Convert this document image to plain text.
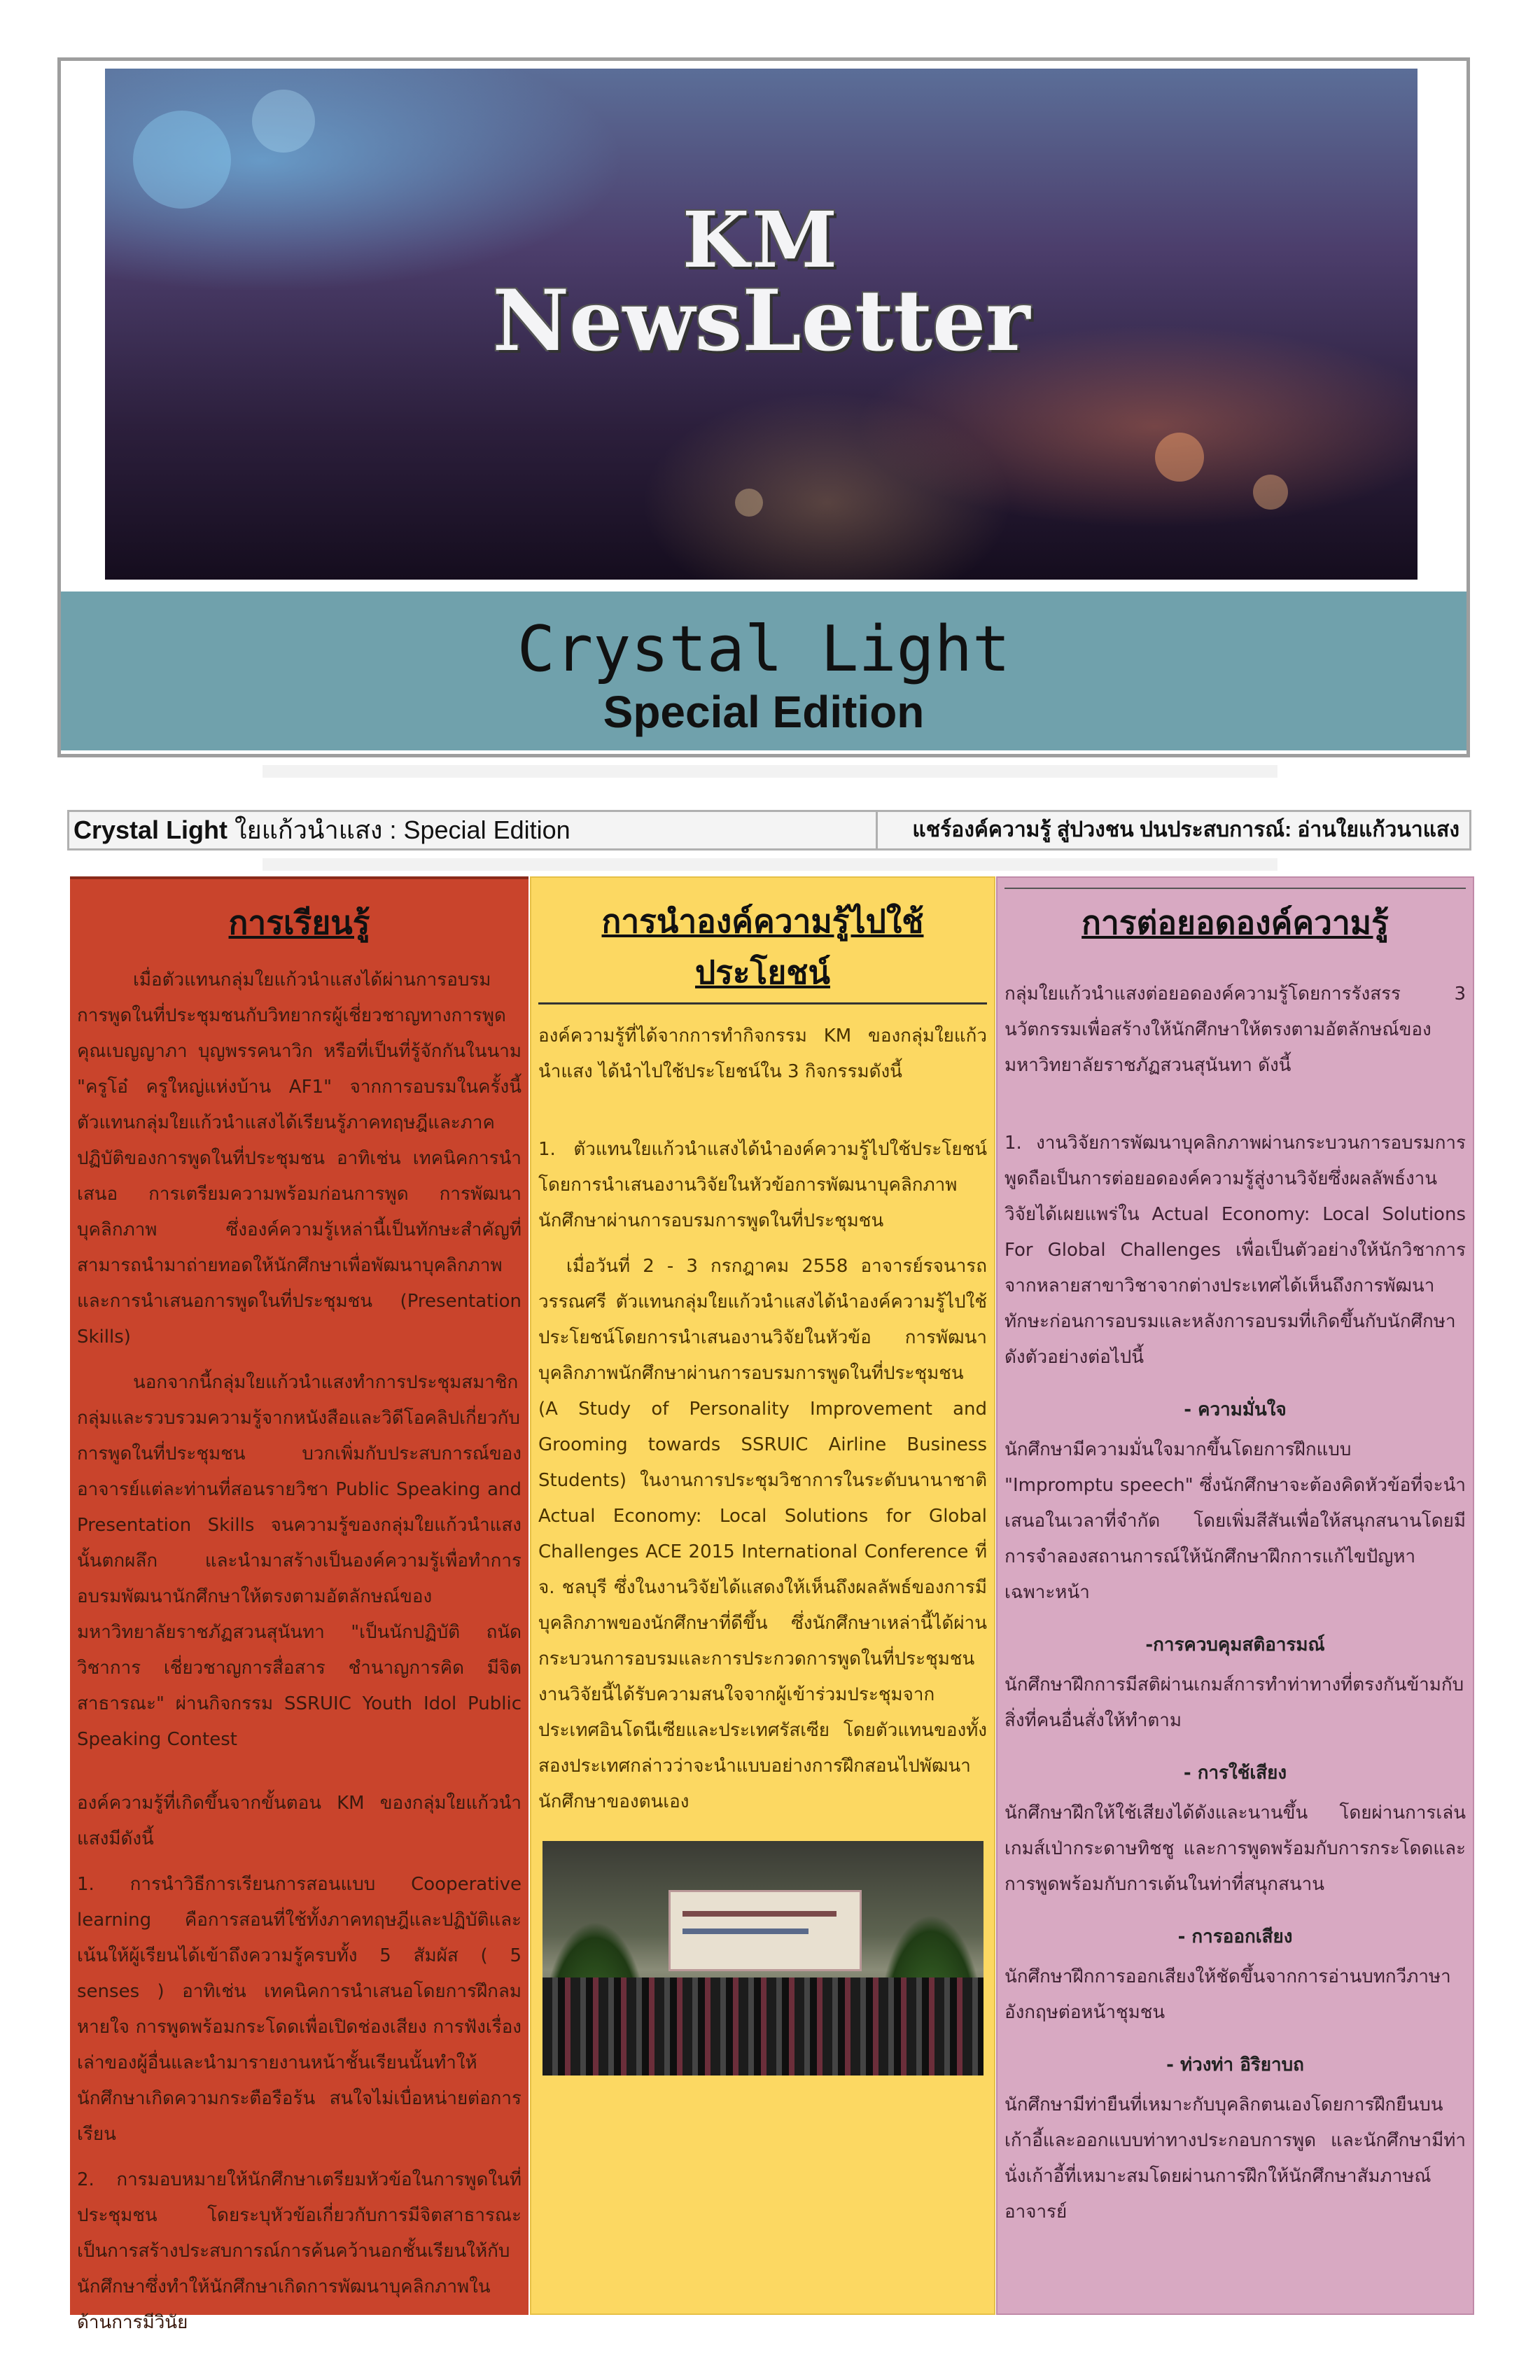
KM
NewsLetter
Crystal Light
Special Edition
Crystal Light ใยแก้วนำแสง : Special Edition	แชร์องค์ความรู้ สู่ปวงชน ปนประสบการณ์: อ่านใยแก้วนาแสง
การเรียนรู้

เมื่อตัวแทนกลุ่มใยแก้วนำแสงได้ผ่านการอบรมการพูดในที่ประชุมชนกับวิทยากรผู้เชี่ยวชาญทางการพูด คุณเบญญาภา บุญพรรคนาวิก หรือที่เป็นที่รู้จักกันในนาม "ครูโอ๋ ครูใหญ่แห่งบ้าน AF1" จากการอบรมในครั้งนี้ตัวแทนกลุ่มใยแก้วนำแสงได้เรียนรู้ภาคทฤษฎีและภาคปฏิบัติของการพูดในที่ประชุมชน อาทิเช่น เทคนิคการนำเสนอ การเตรียมความพร้อมก่อนการพูด การพัฒนาบุคลิกภาพ ซึ่งองค์ความรู้เหล่านี้เป็นทักษะสำคัญที่สามารถนำมาถ่ายทอดให้นักศึกษาเพื่อพัฒนาบุคลิกภาพและการนำเสนอการพูดในที่ประชุมชน (Presentation Skills)

นอกจากนี้กลุ่มใยแก้วนำแสงทำการประชุมสมาชิกกลุ่มและรวบรวมความรู้จากหนังสือและวิดีโอคลิปเกี่ยวกับการพูดในที่ประชุมชน บวกเพิ่มกับประสบการณ์ของอาจารย์แต่ละท่านที่สอนรายวิชา Public Speaking and Presentation Skills จนความรู้ของกลุ่มใยแก้วนำแสงนั้นตกผลึก และนำมาสร้างเป็นองค์ความรู้เพื่อทำการอบรมพัฒนานักศึกษาให้ตรงตามอัตลักษณ์ของมหาวิทยาลัยราชภัฏสวนสุนันทา "เป็นนักปฏิบัติ ถนัดวิชาการ เชี่ยวชาญการสื่อสาร ชำนาญการคิด มีจิตสาธารณะ" ผ่านกิจกรรม SSRUIC Youth Idol Public Speaking Contest

องค์ความรู้ที่เกิดขึ้นจากขั้นตอน KM ของกลุ่มใยแก้วนำแสงมีดังนี้

1. การนำวิธีการเรียนการสอนแบบ Cooperative learning คือการสอนที่ใช้ทั้งภาคทฤษฎีและปฏิบัติและเน้นให้ผู้เรียนได้เข้าถึงความรู้ครบทั้ง 5 สัมผัส ( 5 senses ) อาทิเช่น เทคนิคการนำเสนอโดยการฝึกลมหายใจ การพูดพร้อมกระโดดเพื่อเปิดช่องเสียง การฟังเรื่องเล่าของผู้อื่นและนำมารายงานหน้าชั้นเรียนนั้นทำให้นักศึกษาเกิดความกระตือรือร้น สนใจไม่เบื่อหน่ายต่อการเรียน

2. การมอบหมายให้นักศึกษาเตรียมหัวข้อในการพูดในที่ประชุมชน โดยระบุหัวข้อเกี่ยวกับการมีจิตสาธารณะ เป็นการสร้างประสบการณ์การค้นคว้านอกชั้นเรียนให้กับนักศึกษาซึ่งทำให้นักศึกษาเกิดการพัฒนาบุคลิกภาพในด้านการมีวินัย

การนำองค์ความรู้ไปใช้ประโยชน์

องค์ความรู้ที่ได้จากการทำกิจกรรม KM ของกลุ่มใยแก้วนำแสง ได้นำไปใช้ประโยชน์ใน 3 กิจกรรมดังนี้

1. ตัวแทนใยแก้วนำแสงได้นำองค์ความรู้ไปใช้ประโยชน์โดยการนำเสนองานวิจัยในหัวข้อการพัฒนาบุคลิกภาพนักศึกษาผ่านการอบรมการพูดในที่ประชุมชน

เมื่อวันที่ 2 - 3 กรกฎาคม 2558 อาจารย์รจนารถ วรรณศรี ตัวแทนกลุ่มใยแก้วนำแสงได้นำองค์ความรู้ไปใช้ประโยชน์โดยการนำเสนองานวิจัยในหัวข้อ การพัฒนาบุคลิกภาพนักศึกษาผ่านการอบรมการพูดในที่ประชุมชน (A Study of Personality Improvement and Grooming towards SSRUIC Airline Business Students) ในงานการประชุมวิชาการในระดับนานาชาติ Actual Economy: Local Solutions for Global Challenges ACE 2015 International Conference ที่ จ. ชลบุรี ซึ่งในงานวิจัยได้แสดงให้เห็นถึงผลลัพธ์ของการมีบุคลิกภาพของนักศึกษาที่ดีขึ้น ซึ่งนักศึกษาเหล่านี้ได้ผ่านกระบวนการอบรมและการประกวดการพูดในที่ประชุมชน งานวิจัยนี้ได้รับความสนใจจากผู้เข้าร่วมประชุมจากประเทศอินโดนีเซียและประเทศรัสเซีย โดยตัวแทนของทั้งสองประเทศกล่าวว่าจะนำแบบอย่างการฝึกสอนไปพัฒนานักศึกษาของตนเอง

การต่อยอดองค์ความรู้

กลุ่มใยแก้วนำแสงต่อยอดองค์ความรู้โดยการรังสรร 3 นวัตกรรมเพื่อสร้างให้นักศึกษาให้ตรงตามอัตลักษณ์ของมหาวิทยาลัยราชภัฏสวนสุนันทา ดังนี้

1. งานวิจัยการพัฒนาบุคลิกภาพผ่านกระบวนการอบรมการพูดถือเป็นการต่อยอดองค์ความรู้สู่งานวิจัยซึ่งผลลัพธ์งานวิจัยได้เผยแพร่ใน Actual Economy: Local Solutions For Global Challenges เพื่อเป็นตัวอย่างให้นักวิชาการจากหลายสาขาวิชาจากต่างประเทศได้เห็นถึงการพัฒนาทักษะก่อนการอบรมและหลังการอบรมที่เกิดขึ้นกับนักศึกษา ดังตัวอย่างต่อไปนี้

- ความมั่นใจ

นักศึกษามีความมั่นใจมากขึ้นโดยการฝึกแบบ "Impromptu speech" ซึ่งนักศึกษาจะต้องคิดหัวข้อที่จะนำเสนอในเวลาที่จำกัด โดยเพิ่มสีสันเพื่อให้สนุกสนานโดยมีการจำลองสถานการณ์ให้นักศึกษาฝึกการแก้ไขปัญหาเฉพาะหน้า

-การควบคุมสติอารมณ์

นักศึกษาฝึกการมีสติผ่านเกมส์การทำท่าทางที่ตรงกันข้ามกับสิ่งที่คนอื่นสั่งให้ทำตาม

- การใช้เสียง

นักศึกษาฝึกให้ใช้เสียงได้ดังและนานขึ้น โดยผ่านการเล่นเกมส์เป่ากระดาษทิชชู และการพูดพร้อมกับการกระโดดและการพูดพร้อมกับการเต้นในท่าที่สนุกสนาน

- การออกเสียง

นักศึกษาฝึกการออกเสียงให้ชัดขึ้นจากการอ่านบทกวีภาษาอังกฤษต่อหน้าชุมชน

- ท่วงท่า อิริยาบถ

นักศึกษามีท่ายืนที่เหมาะกับบุคลิกตนเองโดยการฝึกยืนบนเก้าอี้และออกแบบท่าทางประกอบการพูด และนักศึกษามีท่านั่งเก้าอี้ที่เหมาะสมโดยผ่านการฝึกให้นักศึกษาสัมภาษณ์อาจารย์
